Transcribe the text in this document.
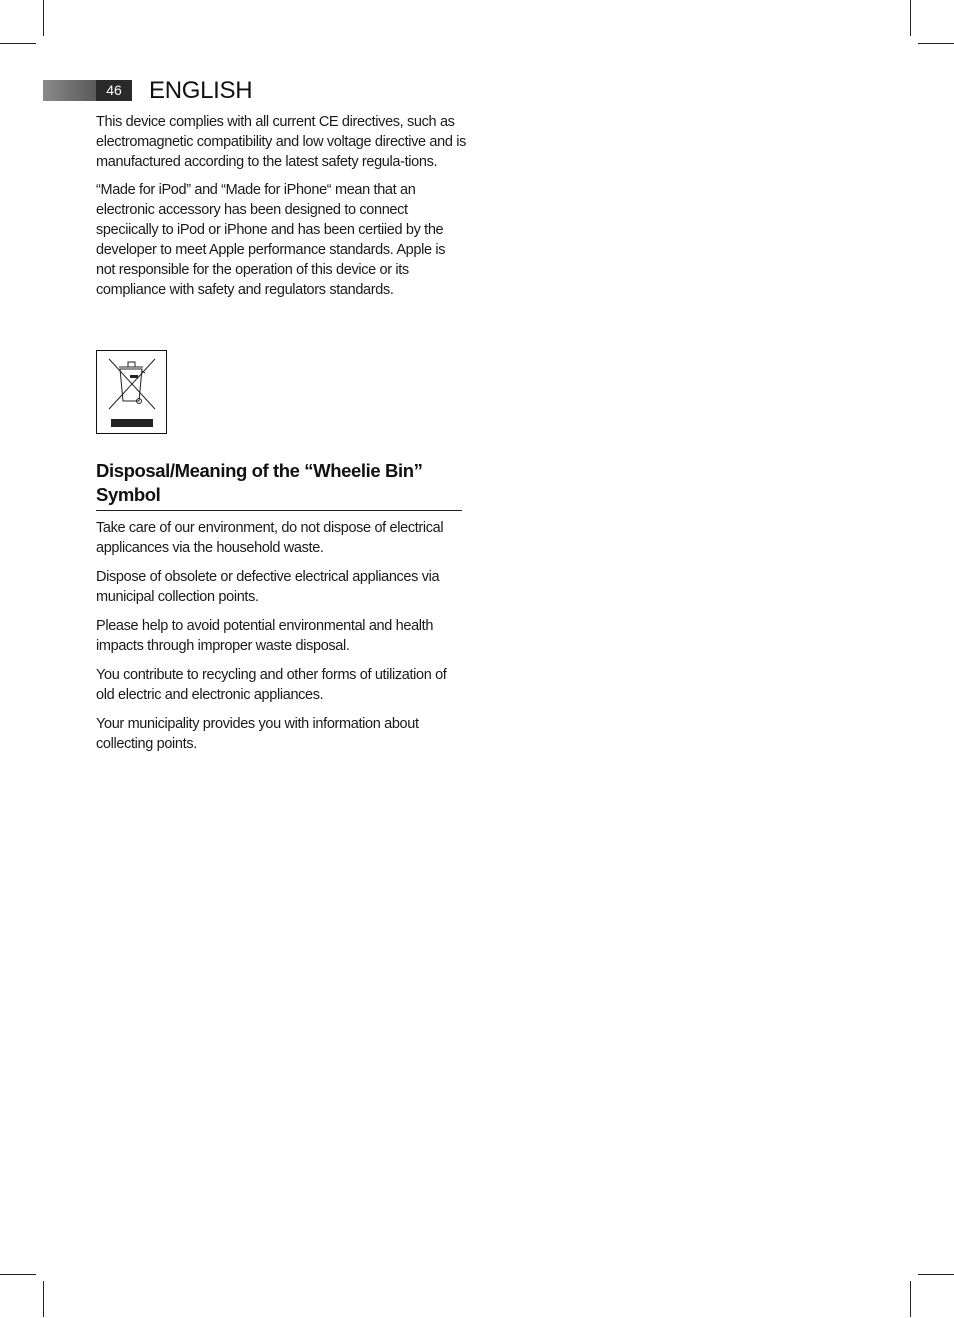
46	ENGLISH

This device complies with all current CE directives, such as electromagnetic compatibility and low voltage directive and is manufactured according to the latest safety regula-tions.

“Made for iPod” and “Made for iPhone“ mean that an electronic accessory has been designed to connect speciically to iPod or iPhone and has been certiied by the developer to meet Apple performance standards. Apple is not responsible for the operation of this device or its compliance with safety and regulators standards.

Disposal/Meaning of the “Wheelie Bin” Symbol

Take care of our environment, do not dispose of electrical applicances via the household waste.

Dispose of obsolete or defective electrical appliances via municipal collection points.

Please help to avoid potential environmental and health impacts through improper waste disposal.

You contribute to recycling and other forms of utilization of old electric and electronic appliances.

Your municipality provides you with information about collecting points.
